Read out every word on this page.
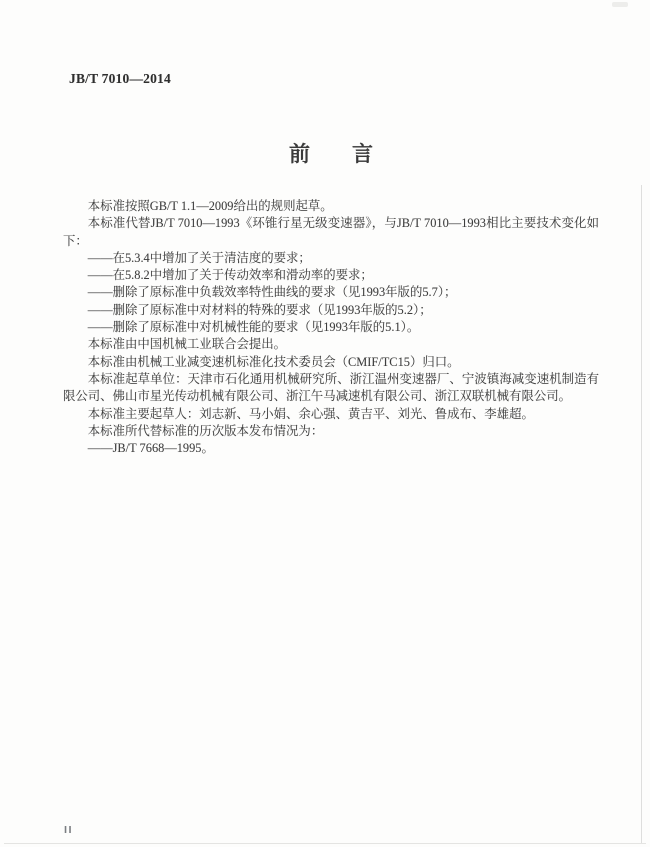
JB/T 7010—2014
前　　言

本标准按照GB/T 1.1—2009给出的规则起草。

本标准代替JB/T 7010—1993《环锥行星无级变速器》，与JB/T 7010—1993相比主要技术变化如下：

——在5.3.4中增加了关于清洁度的要求；

——在5.8.2中增加了关于传动效率和滑动率的要求；

——删除了原标准中负载效率特性曲线的要求（见1993年版的5.7）；

——删除了原标准中对材料的特殊的要求（见1993年版的5.2）；

——删除了原标准中对机械性能的要求（见1993年版的5.1）。

本标准由中国机械工业联合会提出。

本标准由机械工业减变速机标准化技术委员会（CMIF/TC15）归口。

本标准起草单位：天津市石化通用机械研究所、浙江温州变速器厂、宁波镇海减变速机制造有限公司、佛山市星光传动机械有限公司、浙江午马减速机有限公司、浙江双联机械有限公司。

本标准主要起草人：刘志新、马小娟、余心强、黄吉平、刘光、鲁成布、李雄超。

本标准所代替标准的历次版本发布情况为：

——JB/T 7668—1995。

II
